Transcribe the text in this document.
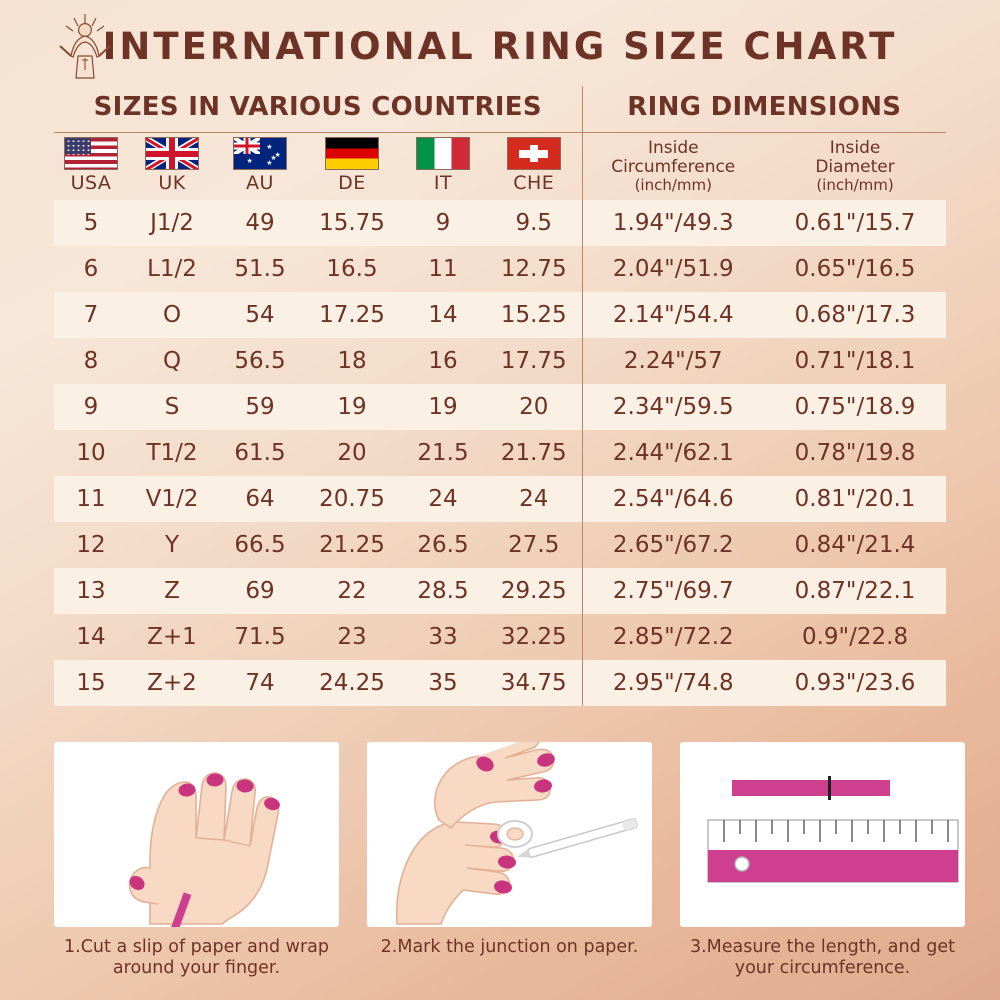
INTERNATIONAL RING SIZE CHART
SIZES IN VARIOUS COUNTRIES						RING DIMENSIONS	

USA	UK	
★
★
★
★
★
AU	DE	IT	CHE	
Inside
Circumference
(inch/mm)

Inside
Diameter
(inch/mm)

5	J1/2	49	15.75	9	9.5	1.94"/49.3	0.61"/15.7
6	L1/2	51.5	16.5	11	12.75	2.04"/51.9	0.65"/16.5
7	O	54	17.25	14	15.25	2.14"/54.4	0.68"/17.3
8	Q	56.5	18	16	17.75	2.24"/57	0.71"/18.1
9	S	59	19	19	20	2.34"/59.5	0.75"/18.9
10	T1/2	61.5	20	21.5	21.75	2.44"/62.1	0.78"/19.8
11	V1/2	64	20.75	24	24	2.54"/64.6	0.81"/20.1
12	Y	66.5	21.25	26.5	27.5	2.65"/67.2	0.84"/21.4
13	Z	69	22	28.5	29.25	2.75"/69.7	0.87"/22.1
14	Z+1	71.5	23	33	32.25	2.85"/72.2	0.9"/22.8
15	Z+2	74	24.25	35	34.75	2.95"/74.8	0.93"/23.6
1.Cut a slip of paper and wrap around your finger.
2.Mark the junction on paper.	3.Measure the length, and get your circumference.
